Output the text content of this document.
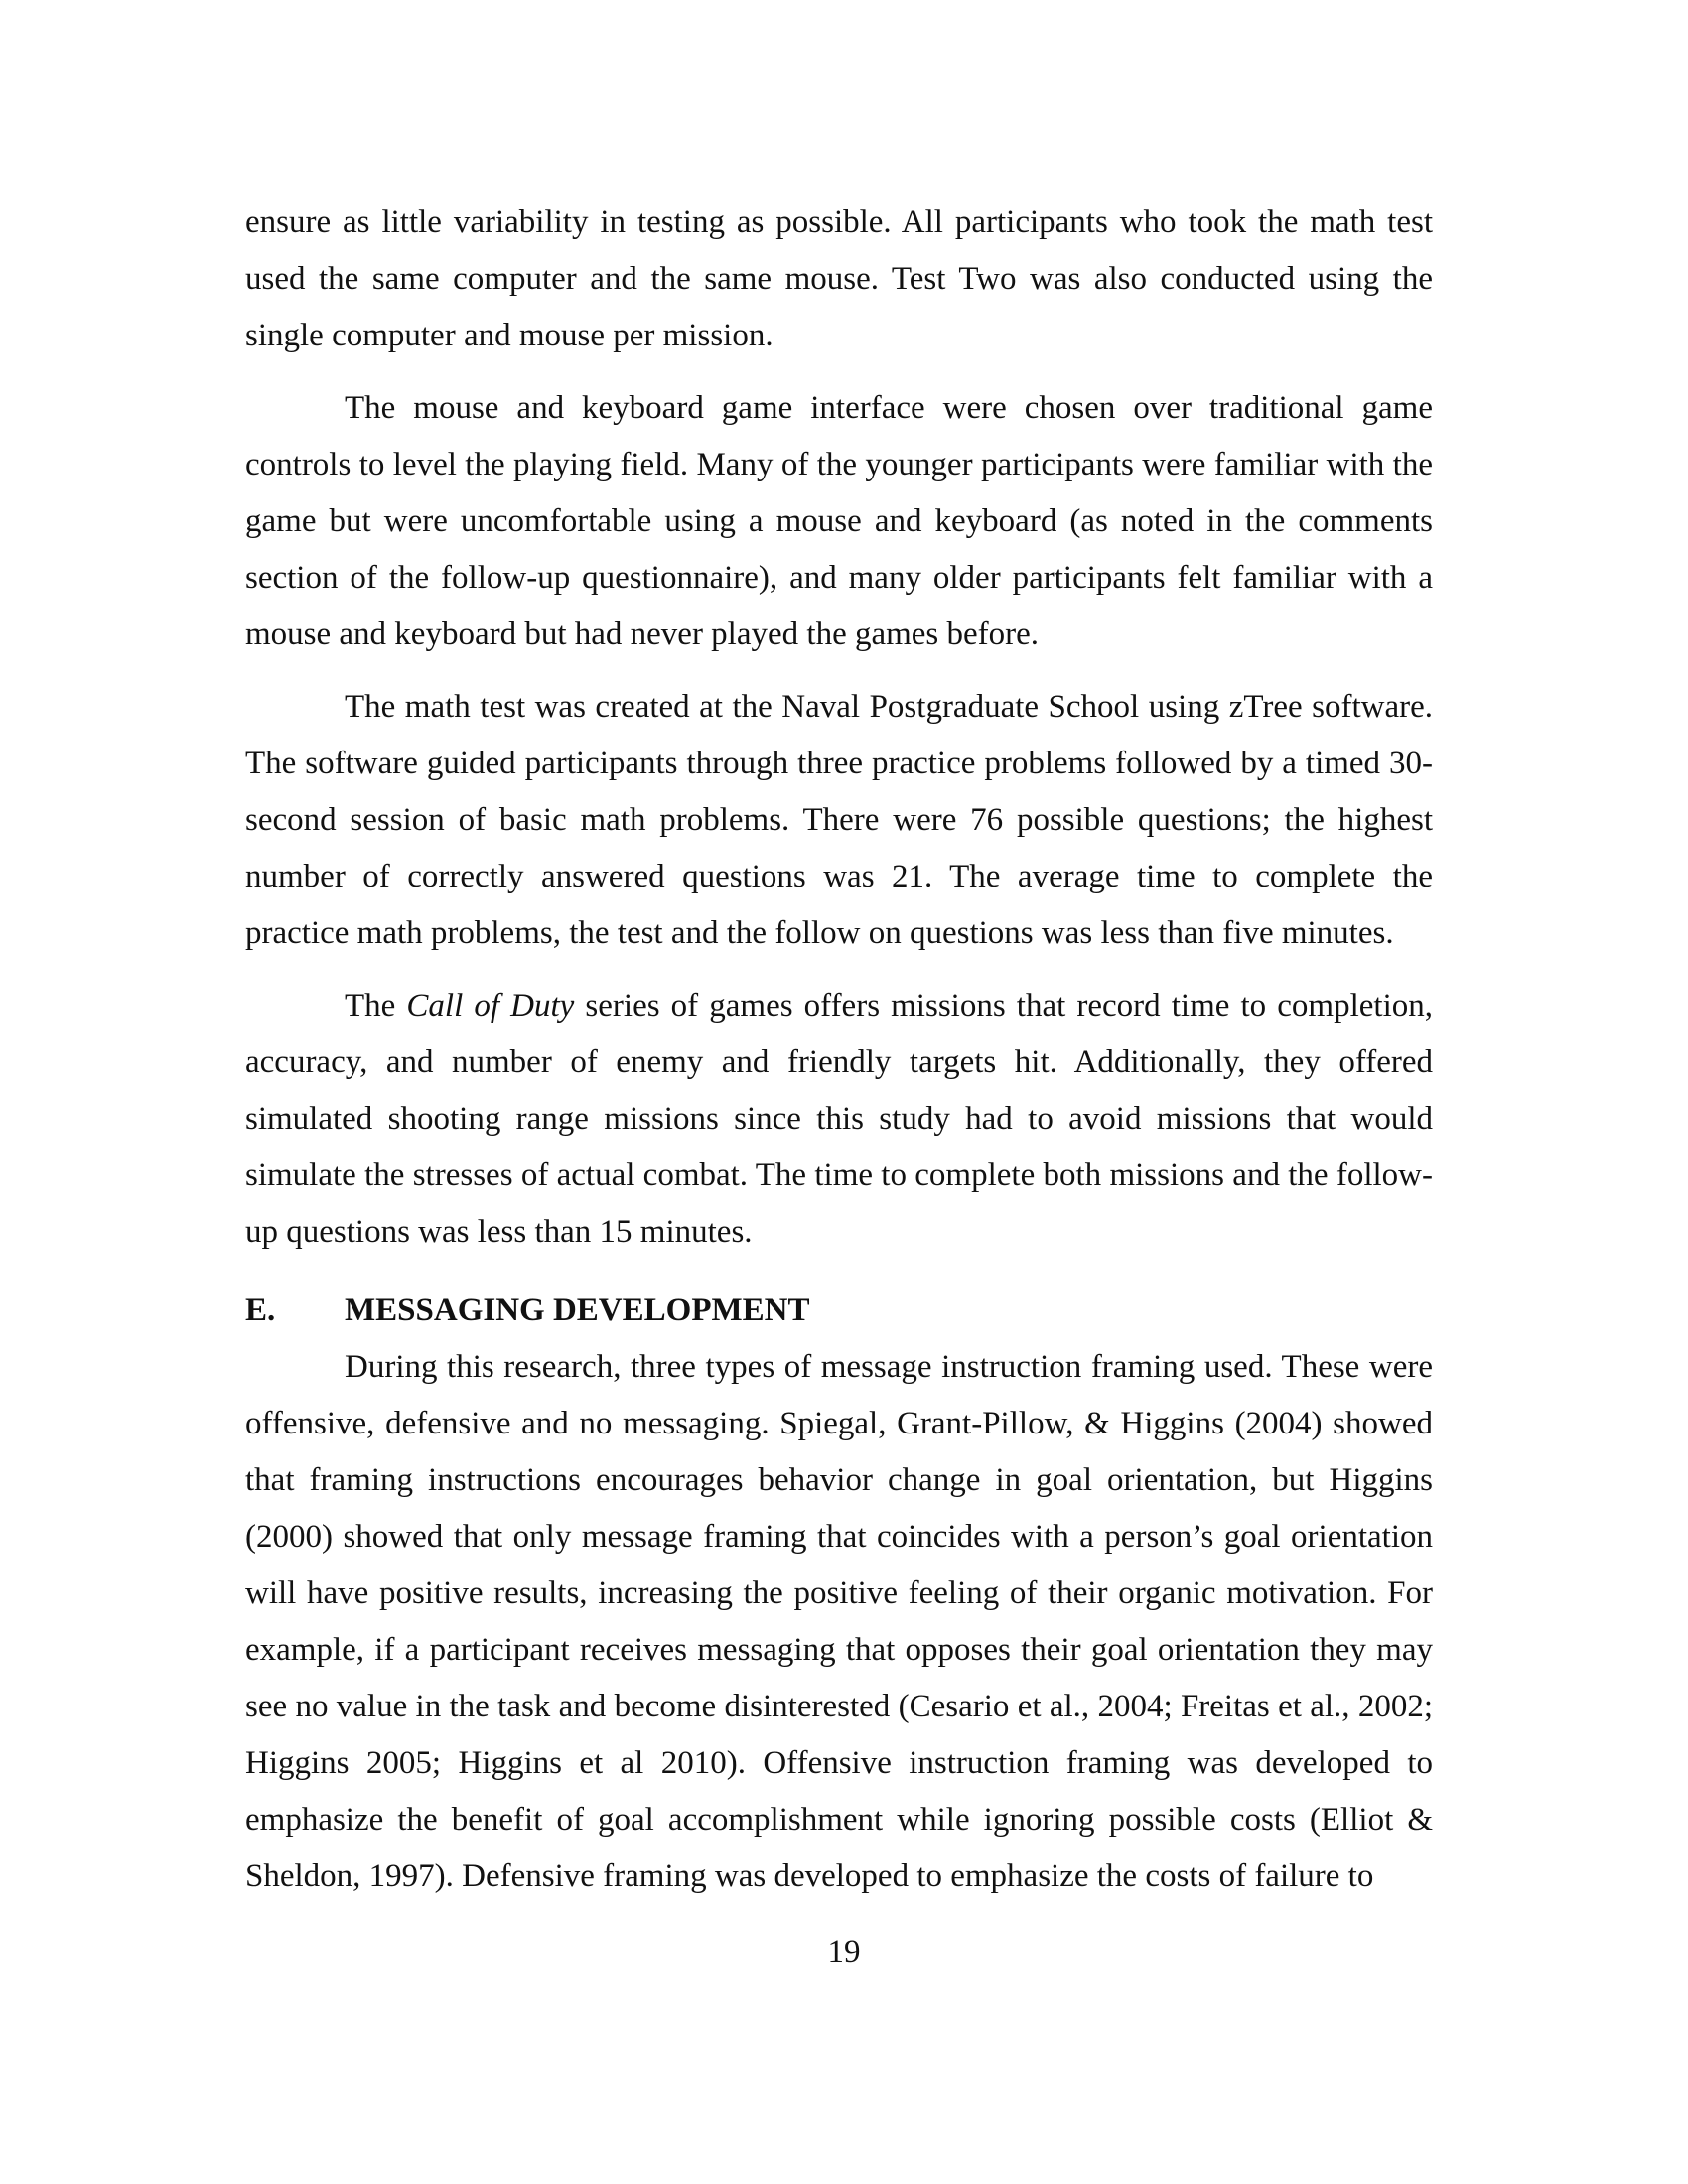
ensure as little variability in testing as possible. All participants who took the math test used the same computer and the same mouse. Test Two was also conducted using the single computer and mouse per mission.

The mouse and keyboard game interface were chosen over traditional game controls to level the playing field. Many of the younger participants were familiar with the game but were uncomfortable using a mouse and keyboard (as noted in the comments section of the follow-up questionnaire), and many older participants felt familiar with a mouse and keyboard but had never played the games before.

The math test was created at the Naval Postgraduate School using zTree software. The software guided participants through three practice problems followed by a timed 30-second session of basic math problems. There were 76 possible questions; the highest number of correctly answered questions was 21. The average time to complete the practice math problems, the test and the follow on questions was less than five minutes.

The Call of Duty series of games offers missions that record time to completion, accuracy, and number of enemy and friendly targets hit. Additionally, they offered simulated shooting range missions since this study had to avoid missions that would simulate the stresses of actual combat. The time to complete both missions and the follow-up questions was less than 15 minutes.

E.	MESSAGING DEVELOPMENT

During this research, three types of message instruction framing used. These were offensive, defensive and no messaging. Spiegal, Grant-Pillow, & Higgins (2004) showed that framing instructions encourages behavior change in goal orientation, but Higgins (2000) showed that only message framing that coincides with a person’s goal orientation will have positive results, increasing the positive feeling of their organic motivation. For example, if a participant receives messaging that opposes their goal orientation they may see no value in the task and become disinterested (Cesario et al., 2004; Freitas et al., 2002; Higgins 2005; Higgins et al 2010). Offensive instruction framing was developed to emphasize the benefit of goal accomplishment while ignoring possible costs (Elliot & Sheldon, 1997). Defensive framing was developed to emphasize the costs of failure to

19
